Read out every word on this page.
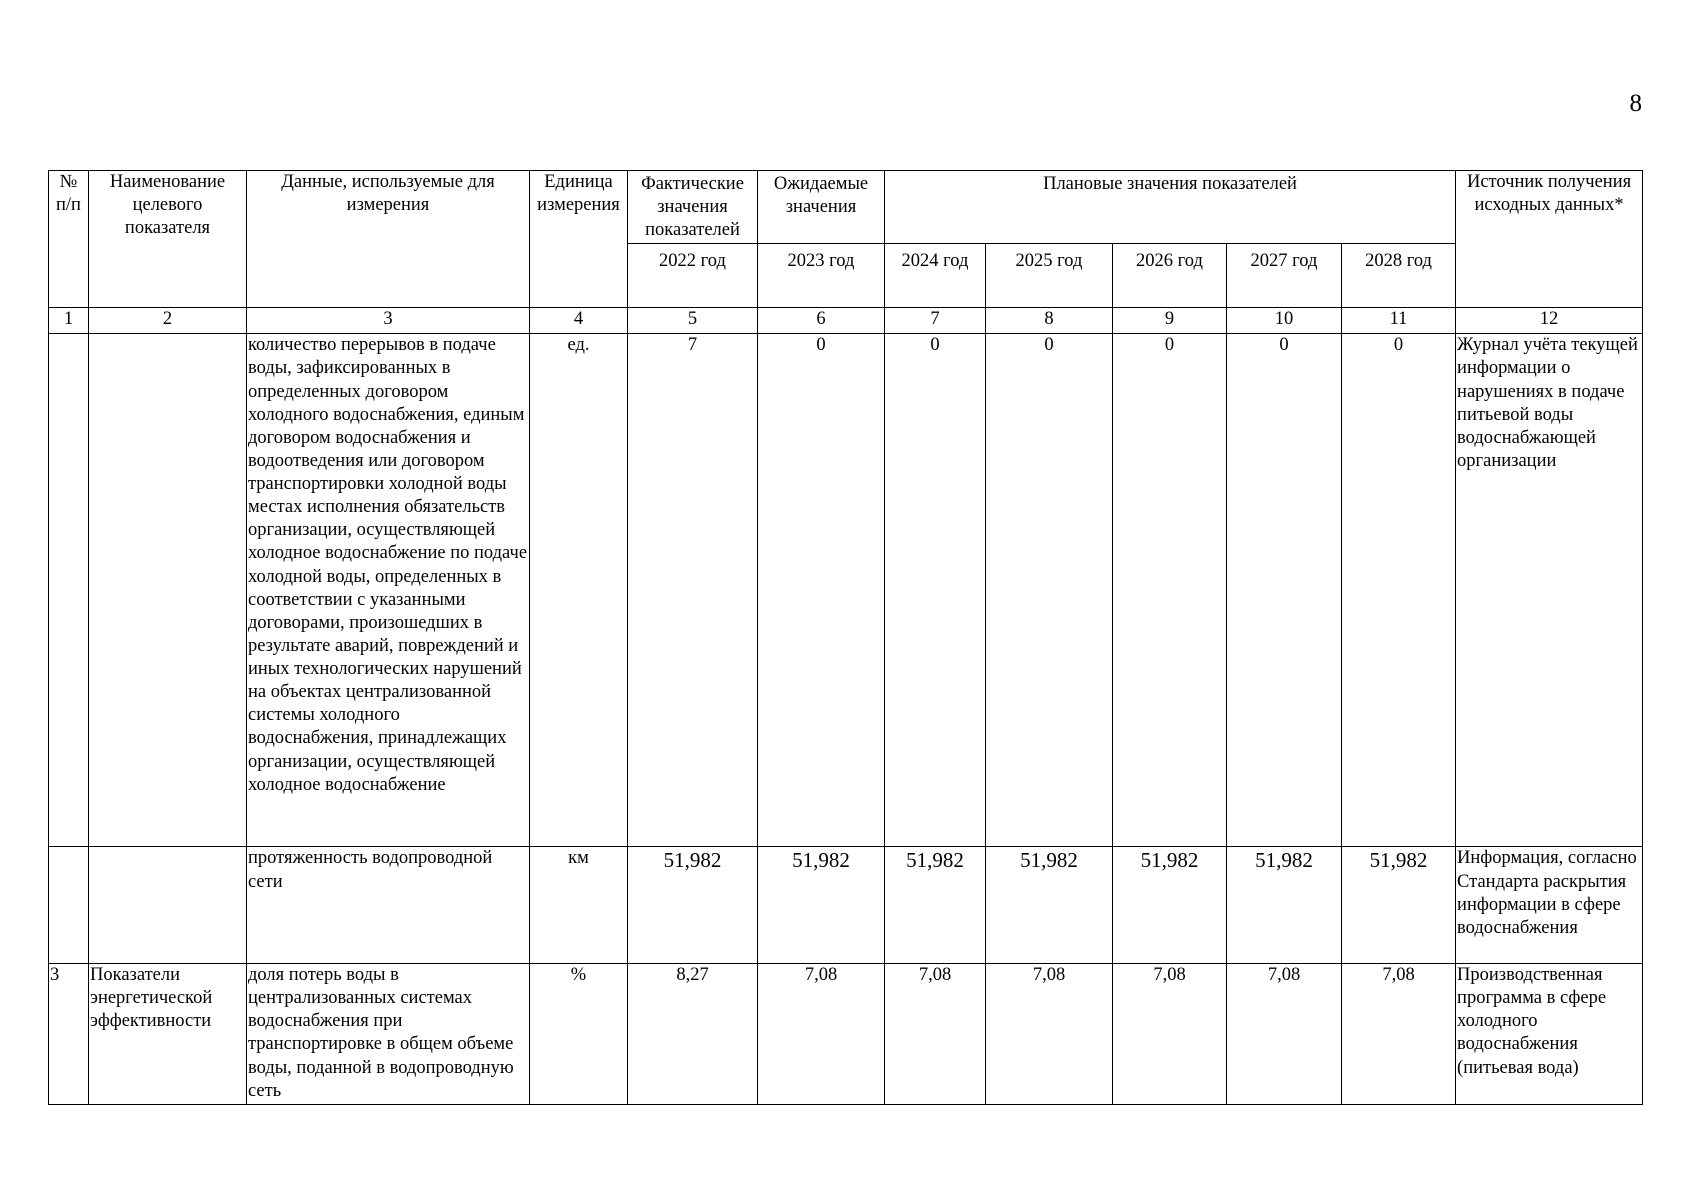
8
№ п/п	Наименование целевого показателя	Данные, используемые для измерения	Единица измерения	Фактические значения показателей	Ожидаемые значения	Плановые значения показателей					Источник получения исходных данных*
				2022 год	2023 год	2024 год	2025 год	2026 год	2027 год	2028 год	
1	2	3	4	5	6	7	8	9	10	11	12
		количество перерывов в подаче воды, зафиксированных в определенных договором холодного водоснабжения, единым договором водоснабжения и водоотведения или договором транспортировки холодной воды местах исполнения обязательств организации, осуществляющей холодное водоснабжение по подаче холодной воды, определенных в соответствии с указанными договорами, произошедших в результате аварий, повреждений и иных технологических нарушений на объектах централизованной системы холодного водоснабжения, принадлежащих организации, осуществляющей холодное водоснабжение	ед.	7	0	0	0	0	0	0	Журнал учёта текущей информации о нарушениях в подаче питьевой воды водоснабжающей организации
		протяженность водопроводной сети	км	51,982	51,982	51,982	51,982	51,982	51,982	51,982	Информация, согласно Стандарта раскрытия информации в сфере водоснабжения
3	Показатели энергетической эффективности	доля потерь воды в централизованных системах водоснабжения при транспортировке в общем объеме воды, поданной в водопроводную сеть	%	8,27	7,08	7,08	7,08	7,08	7,08	7,08	Производственная программа в сфере холодного водоснабжения (питьевая вода)
